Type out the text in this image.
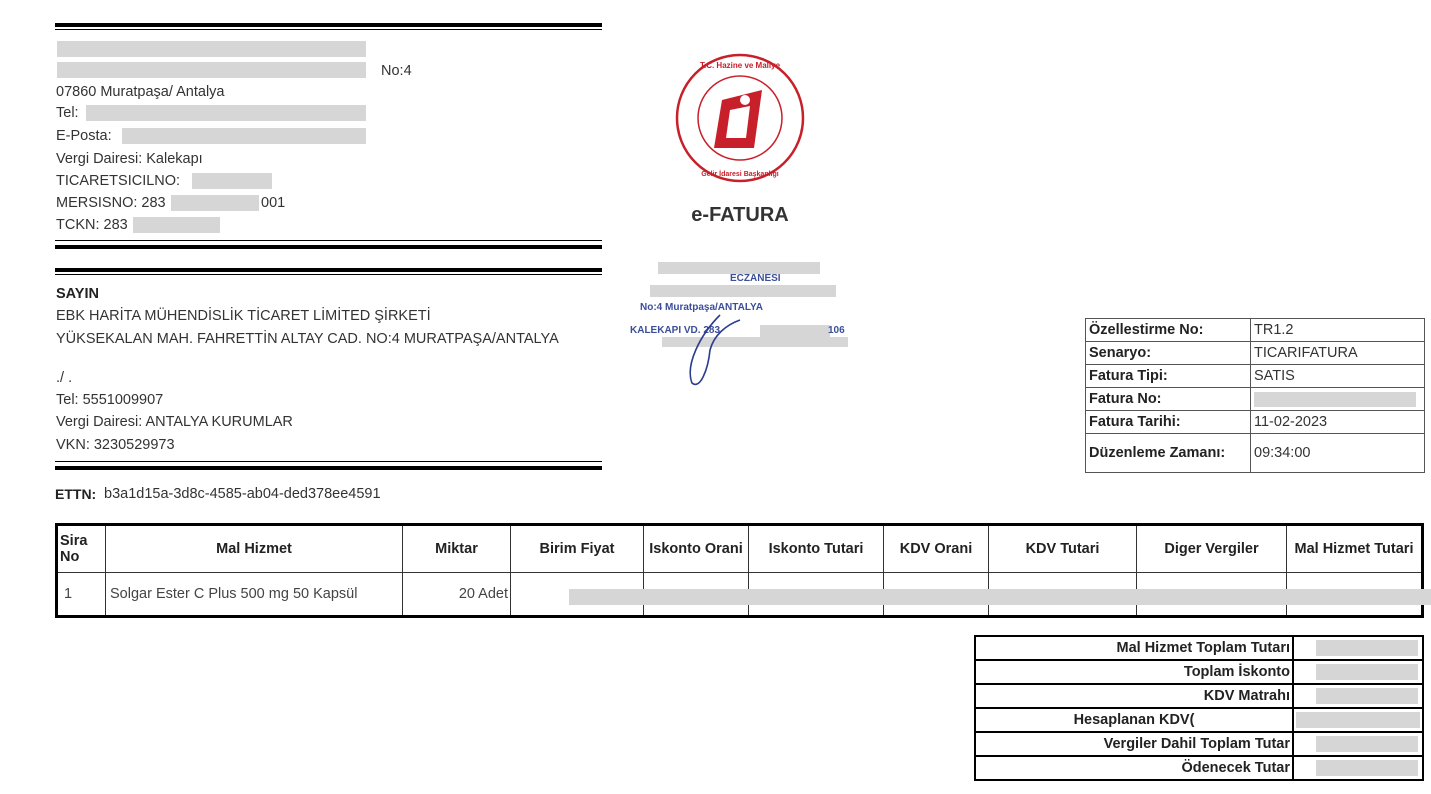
No:4
07860 Muratpaşa/ Antalya
Tel:
E-Posta:
Vergi Dairesi: Kalekapı
TICARETSICILNO:
MERSISNO: 283	001
TCKN: 283
T.C. Hazine ve Maliye
Gelir İdaresi Başkanlığı
e-FATURA
ECZANESI
No:4 Muratpaşa/ANTALYA
KALEKAPI VD. 283	106
SAYIN
EBK HARİTA MÜHENDİSLİK TİCARET LİMİTED ŞİRKETİ
YÜKSEKALAN MAH. FAHRETTİN ALTAY CAD. NO:4 MURATPAŞA/ANTALYA
./ .
Tel: 5551009907
Vergi Dairesi: ANTALYA KURUMLAR
VKN: 3230529973
ETTN: b3a1d15a-3d8c-4585-ab04-ded378ee4591
Özellestirme No:	TR1.2
Senaryo:	TICARIFATURA
Fatura Tipi:	SATIS
Fatura No:	

Fatura Tarihi:	11-02-2023
Düzenleme Zamanı:	09:34:00
Sira No	Mal Hizmet	Miktar	Birim Fiyat	Iskonto Orani	Iskonto Tutari	KDV Orani	KDV Tutari	Diger Vergiler	Mal Hizmet Tutari
1	Solgar Ester C Plus 500 mg 50 Kapsül	20 Adet	

Mal Hizmet Toplam Tutarı	

Toplam İskonto	

KDV Matrahı	

Hesaplanan KDV(	

Vergiler Dahil Toplam Tutar	

Ödenecek Tutar	
